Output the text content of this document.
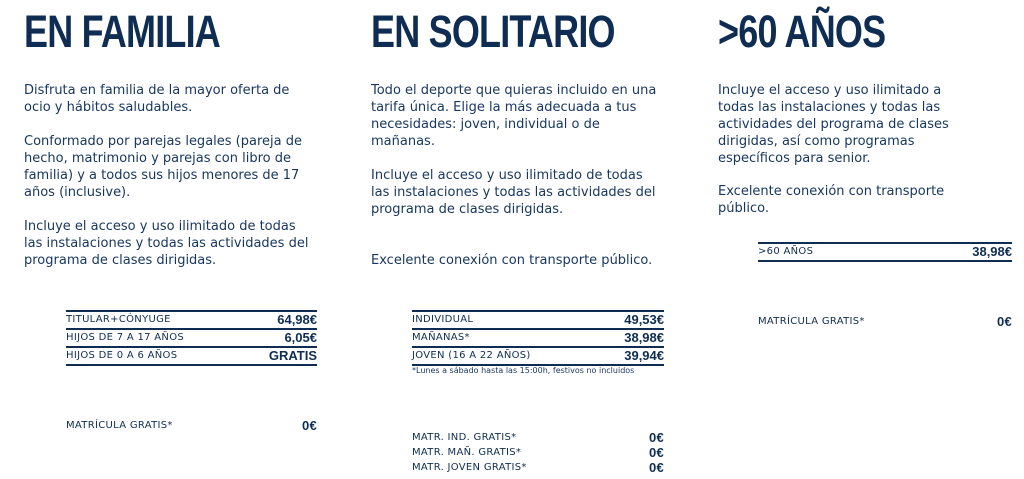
EN FAMILIA

Disfruta en familia de la mayor oferta de ocio y hábitos saludables.

Conformado por parejas legales (pareja de hecho, matrimonio y parejas con libro de familia) y a todos sus hijos menores de 17 años (inclusive).

Incluye el acceso y uso ilimitado de todas las instalaciones y todas las actividades del programa de clases dirigidas.

TITULAR+CÓNYUGE	64,98€
HIJOS DE 7 A 17 AÑOS	6,05€
HIJOS DE 0 A 6 AÑOS	GRATIS
MATRÍCULA GRATIS*	0€
EN SOLITARIO

Todo el deporte que quieras incluido en una tarifa única. Elige la más adecuada a tus necesidades: joven, individual o de mañanas.

Incluye el acceso y uso ilimitado de todas las instalaciones y todas las actividades del programa de clases dirigidas.

Excelente conexión con transporte público.

INDIVIDUAL	49,53€
MAÑANAS*	38,98€
JOVEN (16 A 22 AÑOS)	39,94€
*Lunes a sábado hasta las 15:00h, festivos no incluidos
MATR. IND. GRATIS*	0€
MATR. MAÑ. GRATIS*	0€
MATR. JOVEN GRATIS*	0€
>60 AÑOS

Incluye el acceso y uso ilimitado a todas las instalaciones y todas las actividades del programa de clases dirigidas, así como programas específicos para senior.

Excelente conexión con transporte público.

>60 AÑOS	38,98€
MATRÍCULA GRATIS*	0€
